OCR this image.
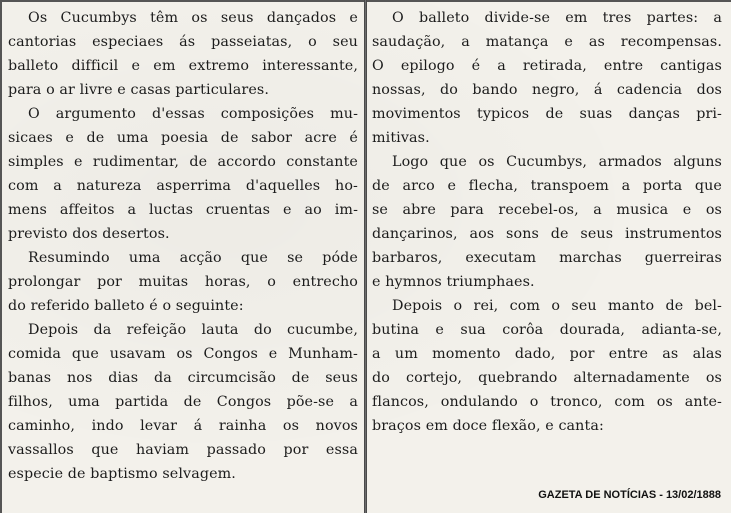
Os Cucumbys têm os seus dançados e
cantorias especiaes ás passeiatas, o seu
balleto difficil e em extremo interessante,
para o ar livre e casas particulares.
O argumento d'essas composições mu-
sicaes e de uma poesia de sabor acre é
simples e rudimentar, de accordo constante
com a natureza asperrima d'aquelles ho-
mens affeitos a luctas cruentas e ao im-
previsto dos desertos.
Resumindo uma acção que se póde
prolongar por muitas horas, o entrecho
do referido balleto é o seguinte:
Depois da refeição lauta do cucumbe,
comida que usavam os Congos e Munham-
banas nos dias da circumcisão de seus
filhos, uma partida de Congos põe-se a
caminho, indo levar á rainha os novos
vassallos que haviam passado por essa
especie de baptismo selvagem.
O balleto divide-se em tres partes: a
saudação, a matança e as recompensas.
O epilogo é a retirada, entre cantigas
nossas, do bando negro, á cadencia dos
movimentos typicos de suas danças pri-
mitivas.
Logo que os Cucumbys, armados alguns
de arco e flecha, transpoem a porta que
se abre para recebel-os, a musica e os
dançarinos, aos sons de seus instrumentos
barbaros, executam marchas guerreiras
e hymnos triumphaes.
Depois o rei, com o seu manto de bel-
butina e sua corôa dourada, adianta-se,
a um momento dado, por entre as alas
do cortejo, quebrando alternadamente os
flancos, ondulando o tronco, com os ante-
braços em doce flexão, e canta:
GAZETA DE NOTÍCIAS - 13/02/1888
